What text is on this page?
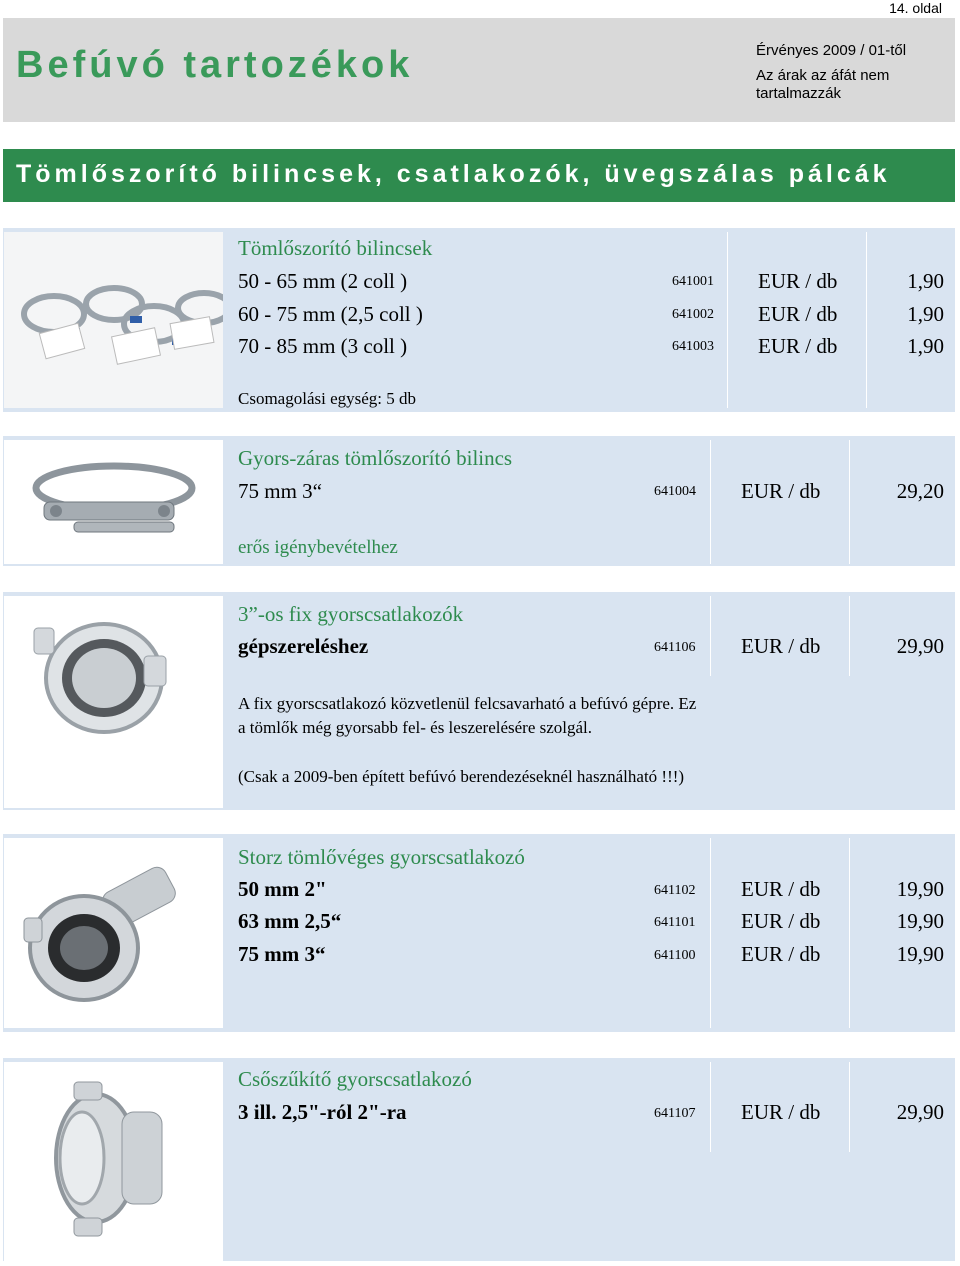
14. oldal
Befúvó tartozékok	Érvényes 2009 / 01-től
Az árak az áfát nem tartalmazzák
Tömlőszorító bilincsek, csatlakozók, üvegszálas pálcák
Tömlőszorító bilincsek
50 - 65 mm (2 coll )	641001 EUR / db	1,90
60 - 75 mm (2,5 coll )	641002 EUR / db	1,90
70 - 85 mm (3 coll )	641003 EUR / db	1,90
Csomagolási egység: 5 db
Gyors-záras tömlőszorító bilincs
75 mm 3“	641004 EUR / db	29,20
erős igénybevételhez
3”-os fix gyorscsatlakozók
gépszereléshez	641106 EUR / db	29,90
A fix gyorscsatlakozó közvetlenül felcsavarható a befúvó gépre. Ez a tömlők még gyorsabb fel- és leszerelésére szolgál.
(Csak a 2009-ben épített befúvó berendezéseknél használható !!!)
Storz tömlővéges gyorscsatlakozó
50 mm 2"	641102 EUR / db	19,90
63 mm 2,5“	641101 EUR / db	19,90
75 mm 3“	641100 EUR / db	19,90
Csőszűkítő gyorscsatlakozó
3 ill. 2,5"-ról 2"-ra	641107 EUR / db	29,90
